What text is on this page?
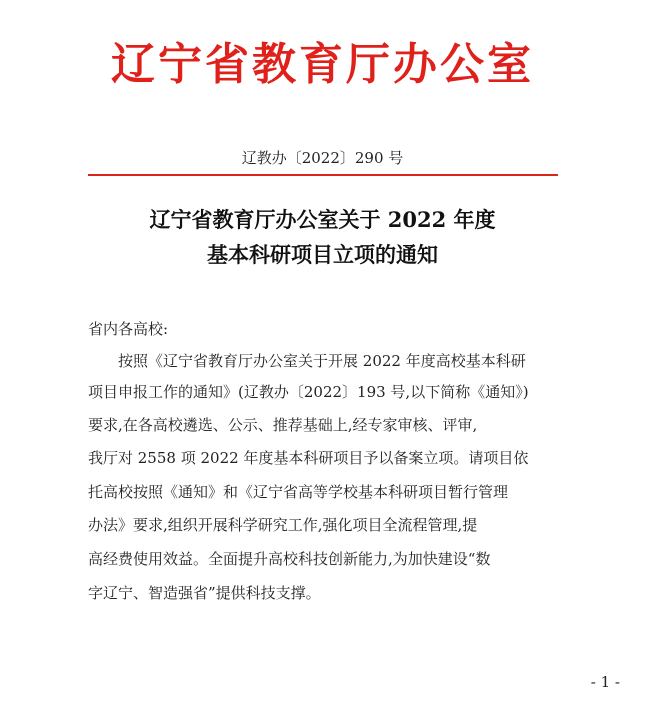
辽宁省教育厅办公室
辽教办〔2022〕290 号
辽宁省教育厅办公室关于 2022 年度
基本科研项目立项的通知
省内各高校:
按照《辽宁省教育厅办公室关于开展 2022 年度高校基本科研
项目申报工作的通知》(辽教办〔2022〕193 号,以下简称《通知》)
要求,在各高校遴选、公示、推荐基础上,经专家审核、评审,
我厅对 2558 项 2022 年度基本科研项目予以备案立项。请项目依
托高校按照《通知》和《辽宁省高等学校基本科研项目暂行管理
办法》要求,组织开展科学研究工作,强化项目全流程管理,提
高经费使用效益。全面提升高校科技创新能力,为加快建设“数
字辽宁、智造强省”提供科技支撑。
- 1 -
